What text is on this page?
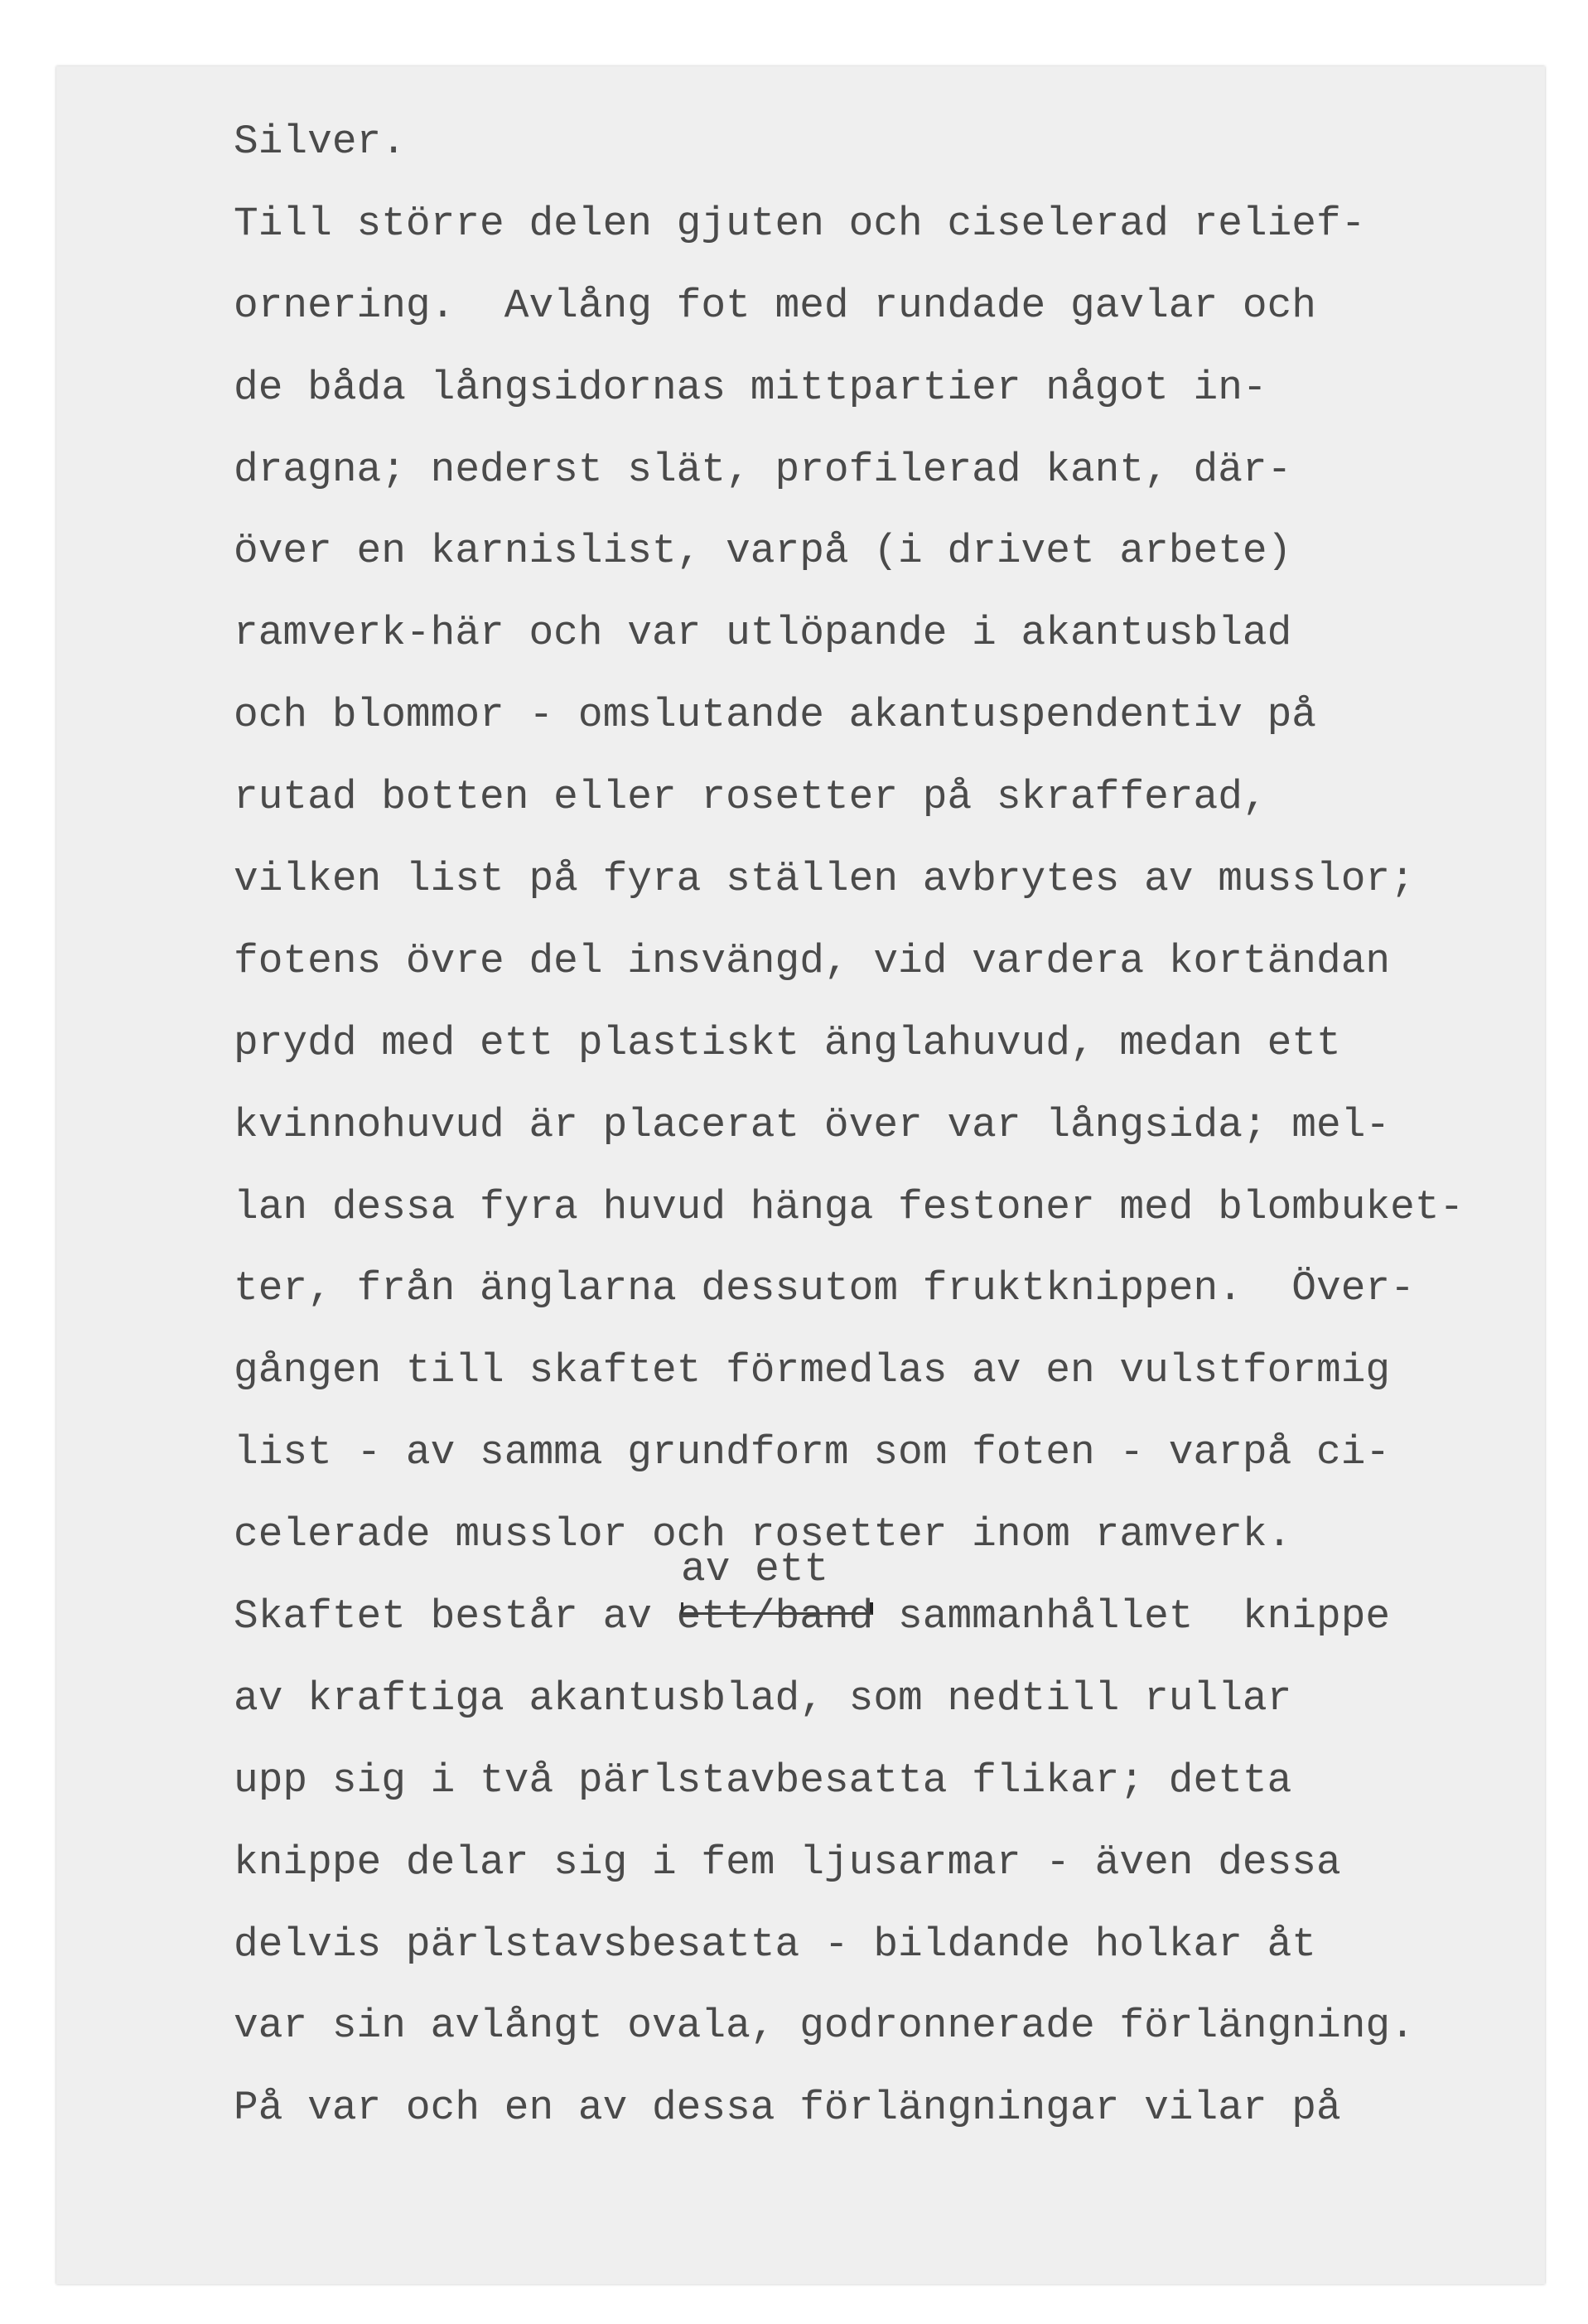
Silver.
Till större delen gjuten och ciselerad relief-
ornering.  Avlång fot med rundade gavlar och
de båda långsidornas mittpartier något in-
dragna; nederst slät, profilerad kant, där-
över en karnislist, varpå (i drivet arbete)
ramverk-här och var utlöpande i akantusblad
och blommor - omslutande akantuspendentiv på
rutad botten eller rosetter på skrafferad,
vilken list på fyra ställen avbrytes av musslor;
fotens övre del insvängd, vid vardera kortändan
prydd med ett plastiskt änglahuvud, medan ett
kvinnohuvud är placerat över var långsida; mel-
lan dessa fyra huvud hänga festoner med blombuket-
ter, från änglarna dessutom fruktknippen.  Över-
gången till skaftet förmedlas av en vulstformig
list - av samma grundform som foten - varpå ci-
celerade musslor och rosetter inom ramverk.
Skaftet består av ett/band sammanhållet  knippe
av kraftiga akantusblad, som nedtill rullar
upp sig i två pärlstavbesatta flikar; detta
knippe delar sig i fem ljusarmar - även dessa
delvis pärlstavsbesatta - bildande holkar åt
var sin avlångt ovala, godronnerade förlängning.
På var och en av dessa förlängningar vilar på
av ett
